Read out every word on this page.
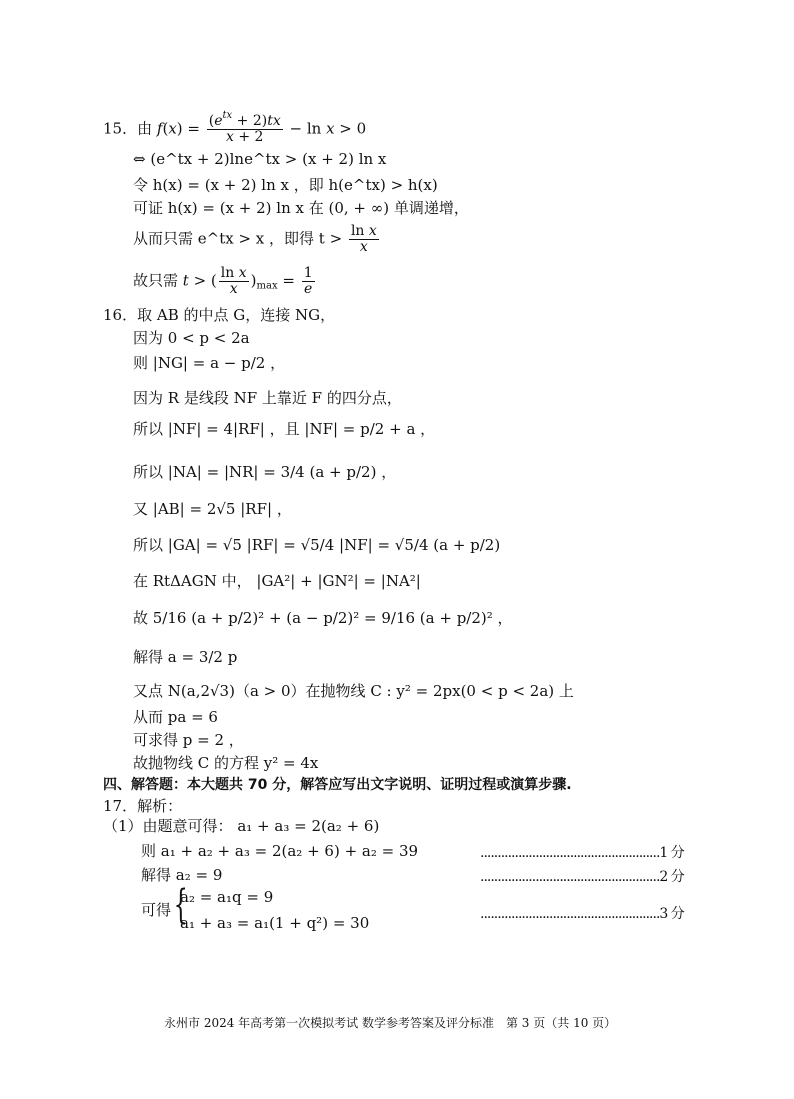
15．由 $f(x) = \frac{(e^{tx} + 2)tx}{x + 2} - \ln x > 0$
⇔ (e^tx + 2)lne^tx > (x + 2) ln x
令 h(x) = (x + 2) ln x ，即 h(e^tx) > h(x)
可证 h(x) = (x + 2) ln x 在 (0, + ∞) 单调递增，
从而只需 e^tx > x ，即得 $t > \frac{\text{ln x}}{x}$
故只需 t > ( $\frac{\text{ln x}}{x} )_{max} = \frac{1}{e}$
16．取 AB 的中点 G，连接 NG，
因为 0 < p < 2a
则 |NG| = a − p/2 ，
因为 R 是线段 NF 上靠近 F 的四分点，
所以 |NF| = 4|RF| ，且 |NF| = p/2 + a ，
所以 |NA| = |NR| = 3/4 (a + p/2) ，
又 |AB| = 2√5 |RF| ，
所以 |GA| = √5 |RF| = √5/4 |NF| = √5/4 (a + p/2)
在 RtΔAGN 中， |GA²| + |GN²| = |NA²|
故 5/16 (a + p/2)² + (a − p/2)² = 9/16 (a + p/2)² ，
解得 a = 3/2 p
又点 N(a,2√3)（a > 0）在抛物线 C : y² = 2px(0 < p < 2a) 上
从而 pa = 6
可求得 p = 2 ，
故抛物线 C 的方程 y² = 4x
四、解答题：本大题共 70 分，解答应写出文字说明、证明过程或演算步骤.
17．解析：
（1）由题意可得： a₁ + a₃ = 2(a₂ + 6)
则 a₁ + a₂ + a₃ = 2(a₂ + 6) + a₂ = 39	....................................................1 分
解得 a₂ = 9	....................................................2 分
可得 {
a₂ = a₁q = 9
a₁ + a₃ = a₁(1 + q²) = 30	....................................................3 分
永州市 2024 年高考第一次模拟考试 数学参考答案及评分标准　第 3 页（共 10 页）
